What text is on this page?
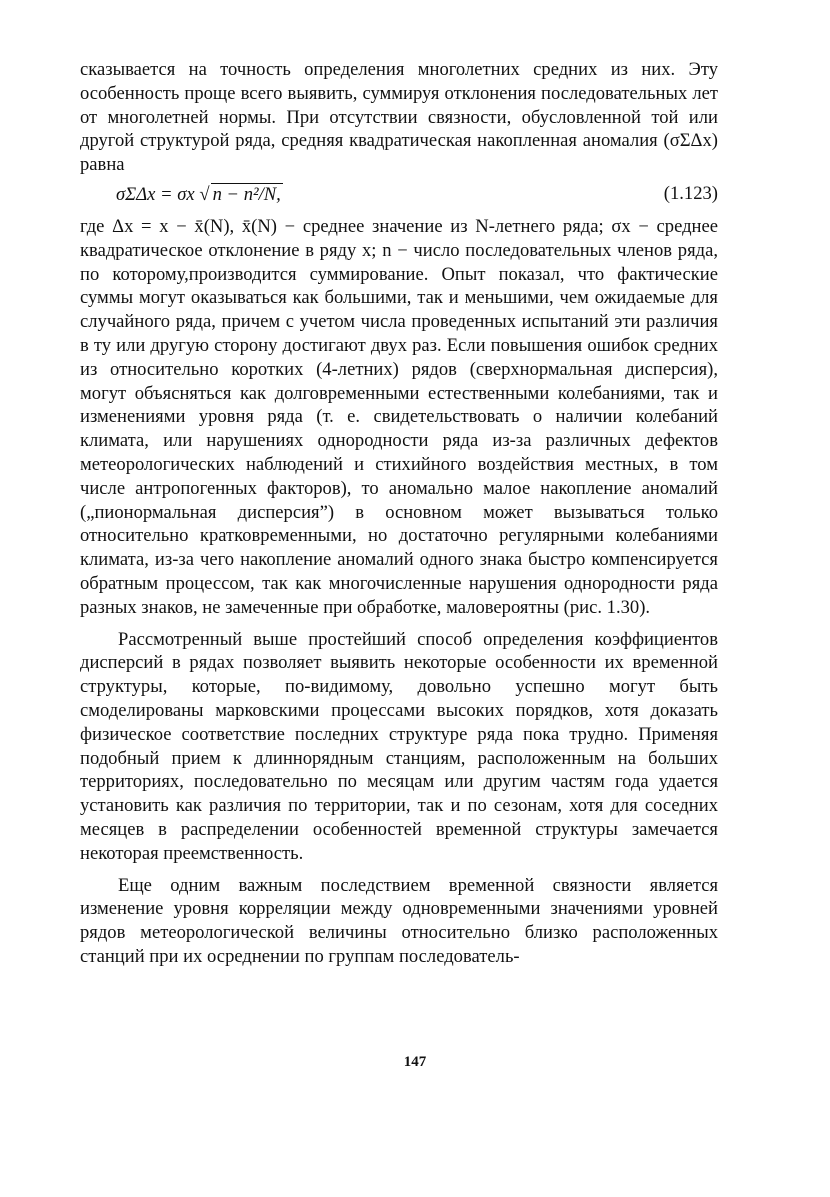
сказывается на точность определения многолетних средних из них. Эту особенность проще всего выявить, суммируя отклонения последовательных лет от многолетней нормы. При отсутствии связности, обусловленной той или другой структурой ряда, средняя квадратическая накопленная аномалия (σΣΔx) равна

σΣΔx = σx √ n − n²/N,	(1.123)

где Δx = x − x̄(N), x̄(N) − среднее значение из N-летнего ряда; σx − среднее квадратическое отклонение в ряду x; n − число последовательных членов ряда, по которому,производится суммирование. Опыт показал, что фактические суммы могут оказываться как большими, так и меньшими, чем ожидаемые для случайного ряда, причем с учетом числа проведенных испытаний эти различия в ту или другую сторону достигают двух раз. Если повышения ошибок средних из относительно коротких (4-летних) рядов (сверхнормальная дисперсия), могут объясняться как долговременными естественными колебаниями, так и изменениями уровня ряда (т. е. свидетельствовать о наличии колебаний климата, или нарушениях однородности ряда из-за различных дефектов метеорологических наблюдений и стихийного воздействия местных, в том числе антропогенных факторов), то аномально малое накопление аномалий („пионормальная дисперсия”) в основном может вызываться только относительно кратковременными, но достаточно регулярными колебаниями климата, из-за чего накопление аномалий одного знака быстро компенсируется обратным процессом, так как многочисленные нарушения однородности ряда разных знаков, не замеченные при обработке, маловероятны (рис. 1.30).

Рассмотренный выше простейший способ определения коэффициентов дисперсий в рядах позволяет выявить некоторые особенности их временной структуры, которые, по-видимому, довольно успешно могут быть смоделированы марковскими процессами высоких порядков, хотя доказать физическое соответствие последних структуре ряда пока трудно. Применяя подобный прием к длиннорядным станциям, расположенным на больших территориях, последовательно по месяцам или другим частям года удается установить как различия по территории, так и по сезонам, хотя для соседних месяцев в распределении особенностей временной структуры замечается некоторая преемственность.

Еще одним важным последствием временной связности является изменение уровня корреляции между одновременными значениями уровней рядов метеорологической величины относительно близко расположенных станций при их осреднении по группам последователь-

147
